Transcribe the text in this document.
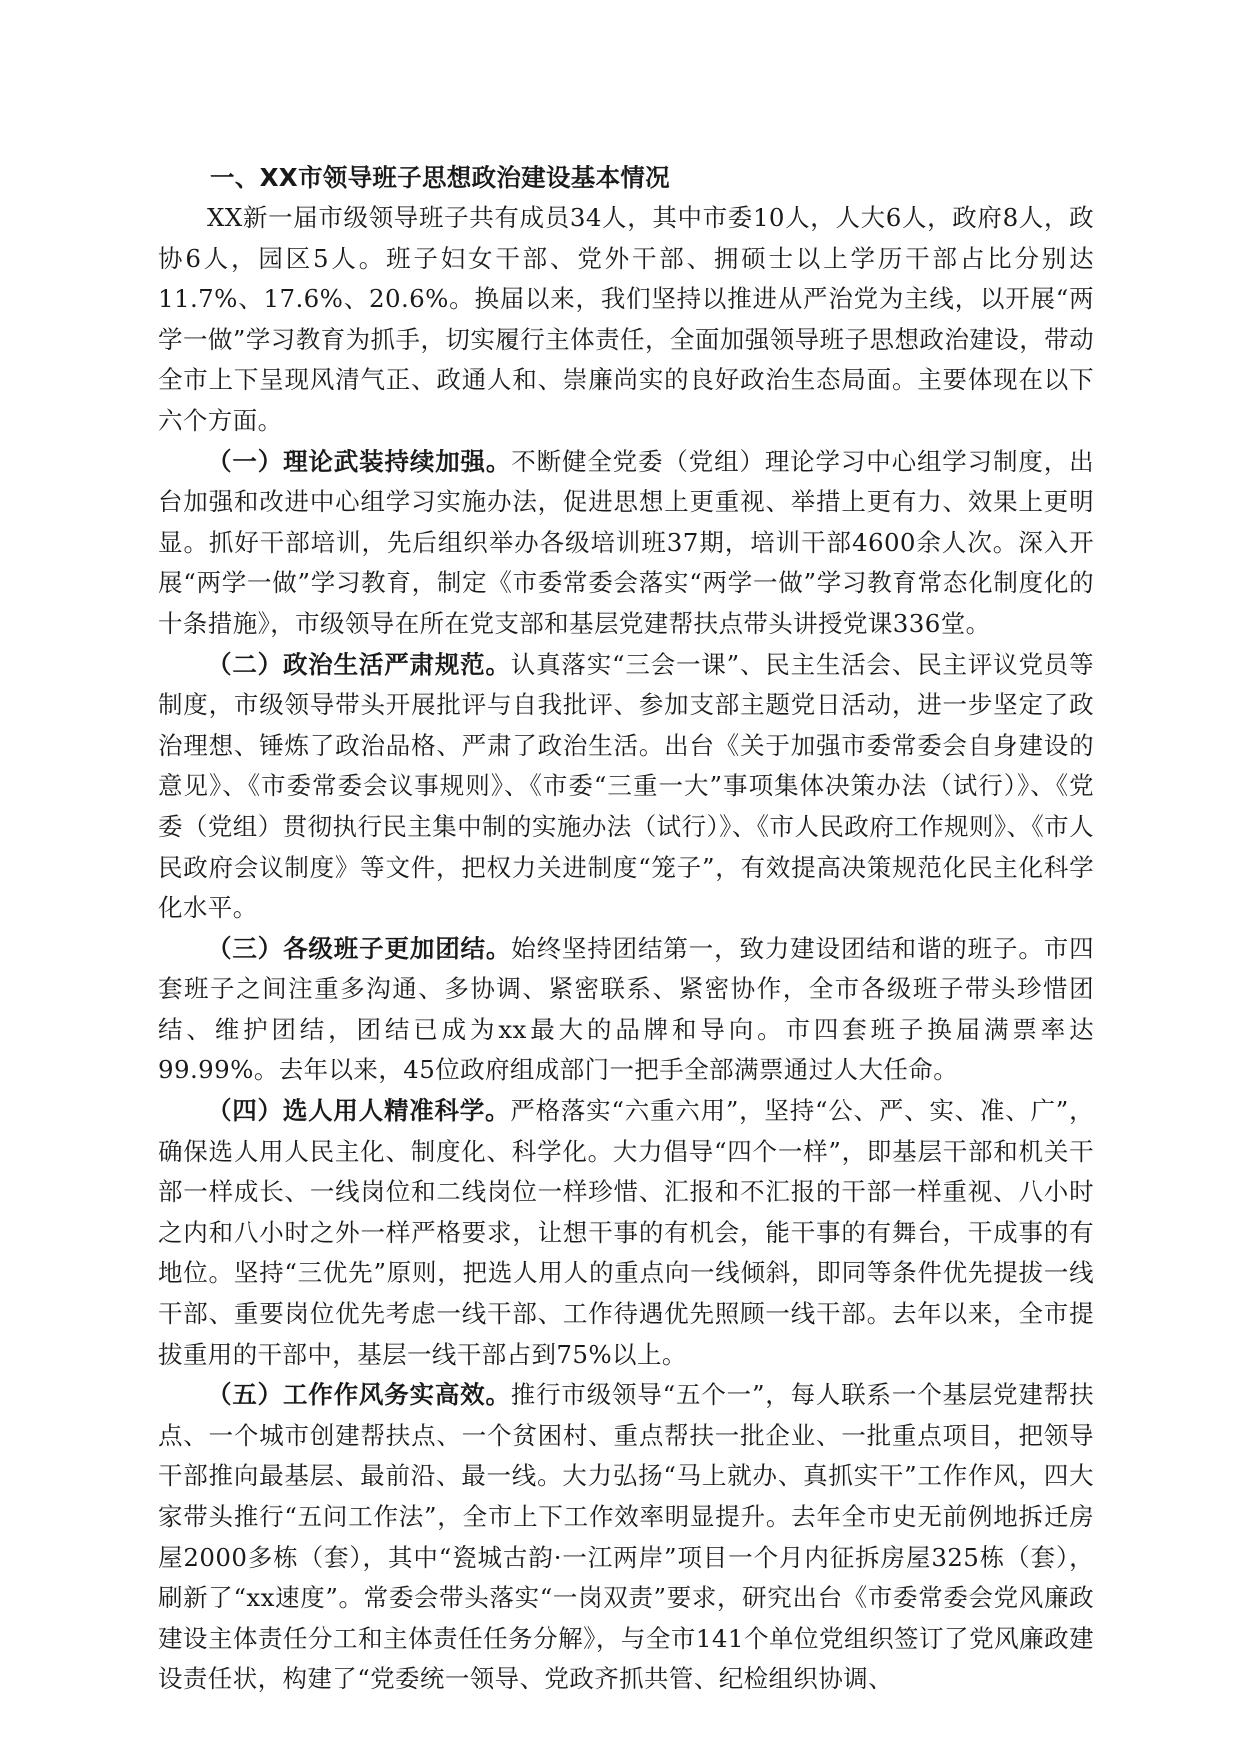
一、XX市领导班子思想政治建设基本情况

XX新一届市级领导班子共有成员34人，其中市委10人，人大6人，政府8人，政协6人，园区5人。班子妇女干部、党外干部、拥硕士以上学历干部占比分别达11.7%、17.6%、20.6%。换届以来，我们坚持以推进从严治党为主线，以开展“两学一做”学习教育为抓手，切实履行主体责任，全面加强领导班子思想政治建设，带动全市上下呈现风清气正、政通人和、崇廉尚实的良好政治生态局面。主要体现在以下六个方面。

（一）理论武装持续加强。不断健全党委（党组）理论学习中心组学习制度，出台加强和改进中心组学习实施办法，促进思想上更重视、举措上更有力、效果上更明显。抓好干部培训，先后组织举办各级培训班37期，培训干部4600余人次。深入开展“两学一做”学习教育，制定《市委常委会落实“两学一做”学习教育常态化制度化的十条措施》，市级领导在所在党支部和基层党建帮扶点带头讲授党课336堂。

（二）政治生活严肃规范。认真落实“三会一课”、民主生活会、民主评议党员等制度，市级领导带头开展批评与自我批评、参加支部主题党日活动，进一步坚定了政治理想、锤炼了政治品格、严肃了政治生活。出台《关于加强市委常委会自身建设的意见》、《市委常委会议事规则》、《市委“三重一大”事项集体决策办法（试行）》、《党委（党组）贯彻执行民主集中制的实施办法（试行）》、《市人民政府工作规则》、《市人民政府会议制度》等文件，把权力关进制度“笼子”，有效提高决策规范化民主化科学化水平。

（三）各级班子更加团结。始终坚持团结第一，致力建设团结和谐的班子。市四套班子之间注重多沟通、多协调、紧密联系、紧密协作，全市各级班子带头珍惜团结、维护团结，团结已成为xx最大的品牌和导向。市四套班子换届满票率达99.99%。去年以来，45位政府组成部门一把手全部满票通过人大任命。

（四）选人用人精准科学。严格落实“六重六用”，坚持“公、严、实、准、广”，确保选人用人民主化、制度化、科学化。大力倡导“四个一样”，即基层干部和机关干部一样成长、一线岗位和二线岗位一样珍惜、汇报和不汇报的干部一样重视、八小时之内和八小时之外一样严格要求，让想干事的有机会，能干事的有舞台，干成事的有地位。坚持“三优先”原则，把选人用人的重点向一线倾斜，即同等条件优先提拔一线干部、重要岗位优先考虑一线干部、工作待遇优先照顾一线干部。去年以来，全市提拔重用的干部中，基层一线干部占到75%以上。

（五）工作作风务实高效。推行市级领导“五个一”，每人联系一个基层党建帮扶点、一个城市创建帮扶点、一个贫困村、重点帮扶一批企业、一批重点项目，把领导干部推向最基层、最前沿、最一线。大力弘扬“马上就办、真抓实干”工作作风，四大家带头推行“五问工作法”，全市上下工作效率明显提升。去年全市史无前例地拆迁房屋2000多栋（套），其中“瓷城古韵·一江两岸”项目一个月内征拆房屋325栋（套），刷新了“xx速度”。常委会带头落实“一岗双责”要求，研究出台《市委常委会党风廉政建设主体责任分工和主体责任任务分解》，与全市141个单位党组织签订了党风廉政建设责任状，构建了“党委统一领导、党政齐抓共管、纪检组织协调、
